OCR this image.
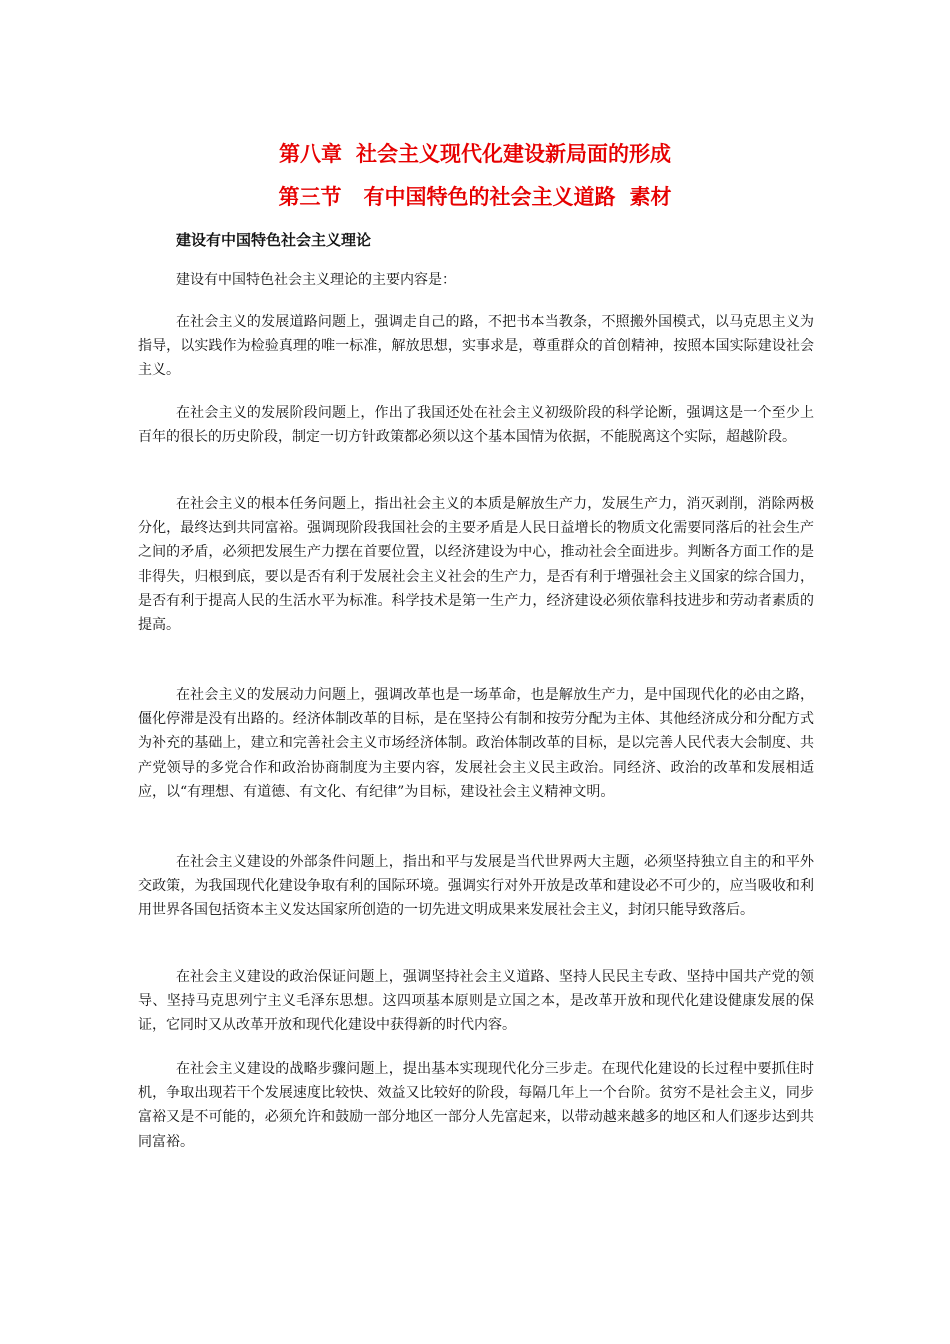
第八章 社会主义现代化建设新局面的形成
第三节 有中国特色的社会主义道路 素材
建设有中国特色社会主义理论

建设有中国特色社会主义理论的主要内容是：

在社会主义的发展道路问题上，强调走自己的路，不把书本当教条，不照搬外国模式，以马克思主义为指导，以实践作为检验真理的唯一标准，解放思想，实事求是，尊重群众的首创精神，按照本国实际建设社会主义。

在社会主义的发展阶段问题上，作出了我国还处在社会主义初级阶段的科学论断，强调这是一个至少上百年的很长的历史阶段，制定一切方针政策都必须以这个基本国情为依据，不能脱离这个实际，超越阶段。

在社会主义的根本任务问题上，指出社会主义的本质是解放生产力，发展生产力，消灭剥削，消除两极分化，最终达到共同富裕。强调现阶段我国社会的主要矛盾是人民日益增长的物质文化需要同落后的社会生产之间的矛盾，必须把发展生产力摆在首要位置，以经济建设为中心，推动社会全面进步。判断各方面工作的是非得失，归根到底，要以是否有利于发展社会主义社会的生产力，是否有利于增强社会主义国家的综合国力，是否有利于提高人民的生活水平为标准。科学技术是第一生产力，经济建设必须依靠科技进步和劳动者素质的提高。

在社会主义的发展动力问题上，强调改革也是一场革命，也是解放生产力，是中国现代化的必由之路，僵化停滞是没有出路的。经济体制改革的目标，是在坚持公有制和按劳分配为主体、其他经济成分和分配方式为补充的基础上，建立和完善社会主义市场经济体制。政治体制改革的目标，是以完善人民代表大会制度、共产党领导的多党合作和政治协商制度为主要内容，发展社会主义民主政治。同经济、政治的改革和发展相适应，以“有理想、有道德、有文化、有纪律”为目标，建设社会主义精神文明。

在社会主义建设的外部条件问题上，指出和平与发展是当代世界两大主题，必须坚持独立自主的和平外交政策，为我国现代化建设争取有利的国际环境。强调实行对外开放是改革和建设必不可少的，应当吸收和利用世界各国包括资本主义发达国家所创造的一切先进文明成果来发展社会主义，封闭只能导致落后。

在社会主义建设的政治保证问题上，强调坚持社会主义道路、坚持人民民主专政、坚持中国共产党的领导、坚持马克思列宁主义毛泽东思想。这四项基本原则是立国之本，是改革开放和现代化建设健康发展的保证，它同时又从改革开放和现代化建设中获得新的时代内容。

在社会主义建设的战略步骤问题上，提出基本实现现代化分三步走。在现代化建设的长过程中要抓住时机，争取出现若干个发展速度比较快、效益又比较好的阶段，每隔几年上一个台阶。贫穷不是社会主义，同步富裕又是不可能的，必须允许和鼓励一部分地区一部分人先富起来，以带动越来越多的地区和人们逐步达到共同富裕。
